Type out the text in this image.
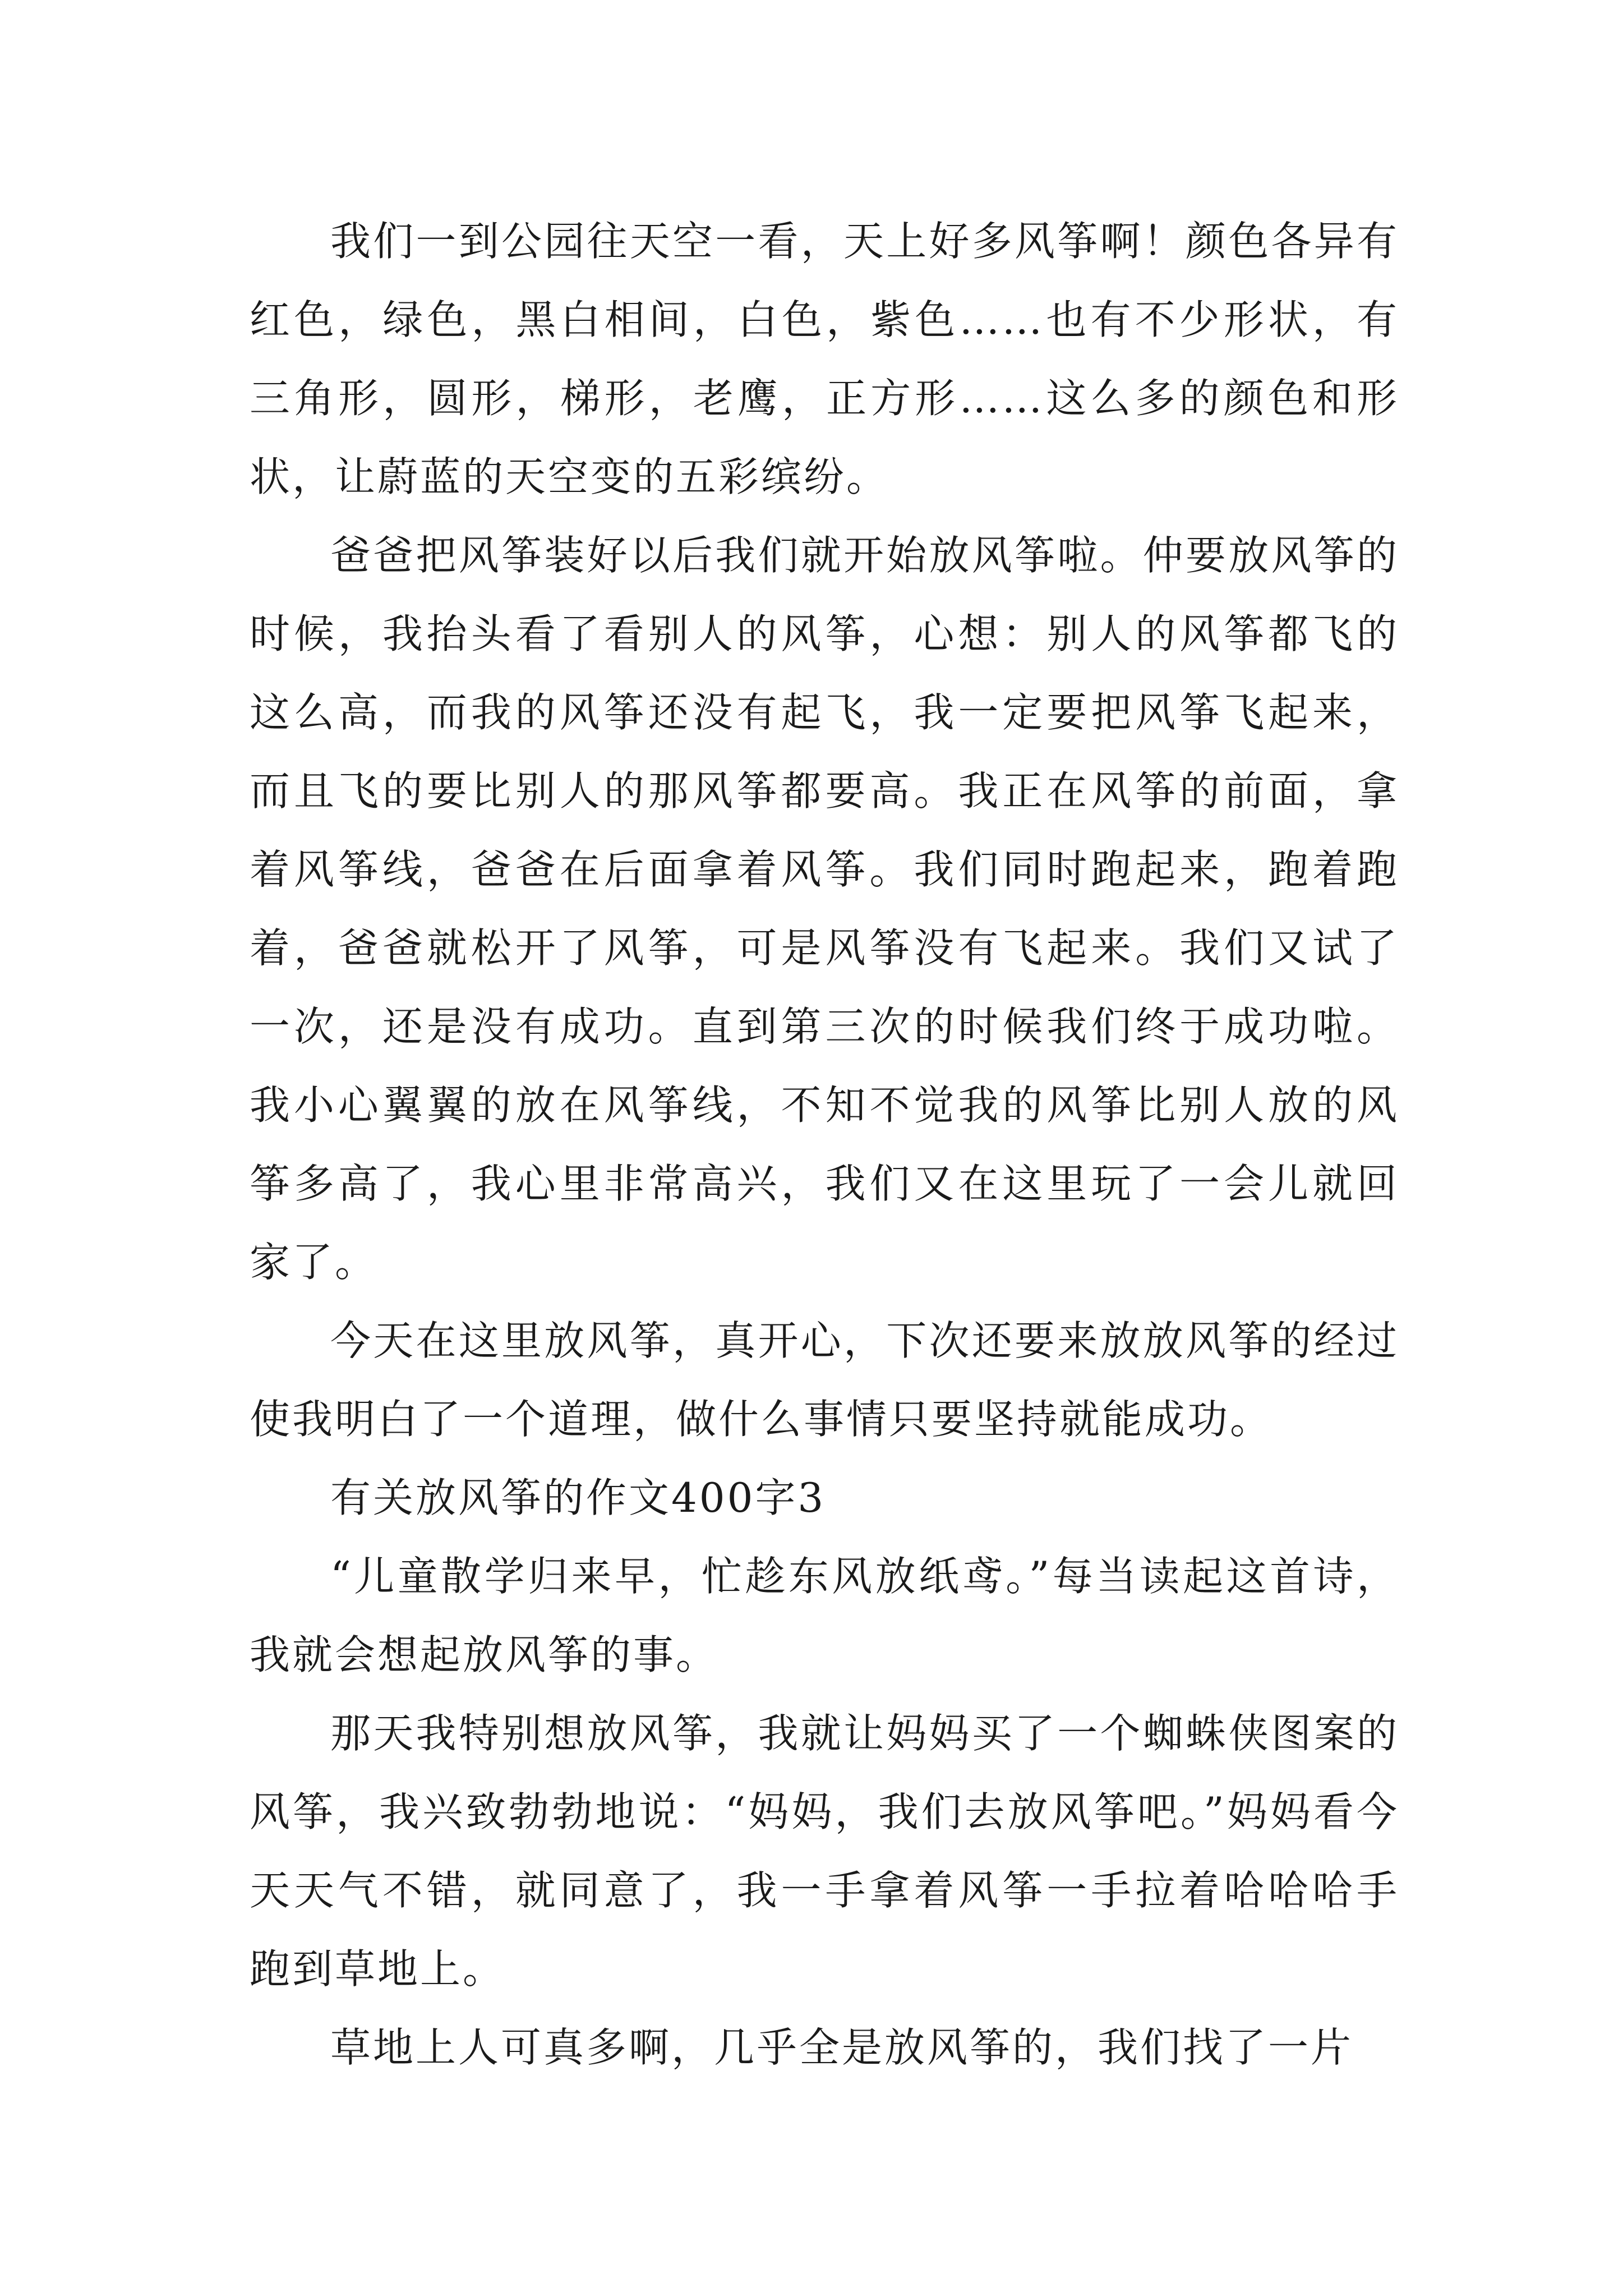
我们一到公园往天空一看，天上好多风筝啊！颜色各异有红色，绿色，黑白相间，白色，紫色……也有不少形状，有三角形，圆形，梯形，老鹰，正方形……这么多的颜色和形状，让蔚蓝的天空变的五彩缤纷。

爸爸把风筝装好以后我们就开始放风筝啦。仲要放风筝的时候，我抬头看了看别人的风筝，心想：别人的风筝都飞的这么高，而我的风筝还没有起飞，我一定要把风筝飞起来，而且飞的要比别人的那风筝都要高。我正在风筝的前面，拿着风筝线，爸爸在后面拿着风筝。我们同时跑起来，跑着跑着，爸爸就松开了风筝，可是风筝没有飞起来。我们又试了一次，还是没有成功。直到第三次的时候我们终于成功啦。我小心翼翼的放在风筝线，不知不觉我的风筝比别人放的风筝多高了，我心里非常高兴，我们又在这里玩了一会儿就回家了。

今天在这里放风筝，真开心，下次还要来放放风筝的经过使我明白了一个道理，做什么事情只要坚持就能成功。

有关放风筝的作文400字3

“儿童散学归来早，忙趁东风放纸鸢。”每当读起这首诗，我就会想起放风筝的事。

那天我特别想放风筝，我就让妈妈买了一个蜘蛛侠图案的风筝，我兴致勃勃地说：“妈妈，我们去放风筝吧。”妈妈看今天天气不错，就同意了，我一手拿着风筝一手拉着哈哈哈手跑到草地上。

草地上人可真多啊，几乎全是放风筝的，我们找了一片
